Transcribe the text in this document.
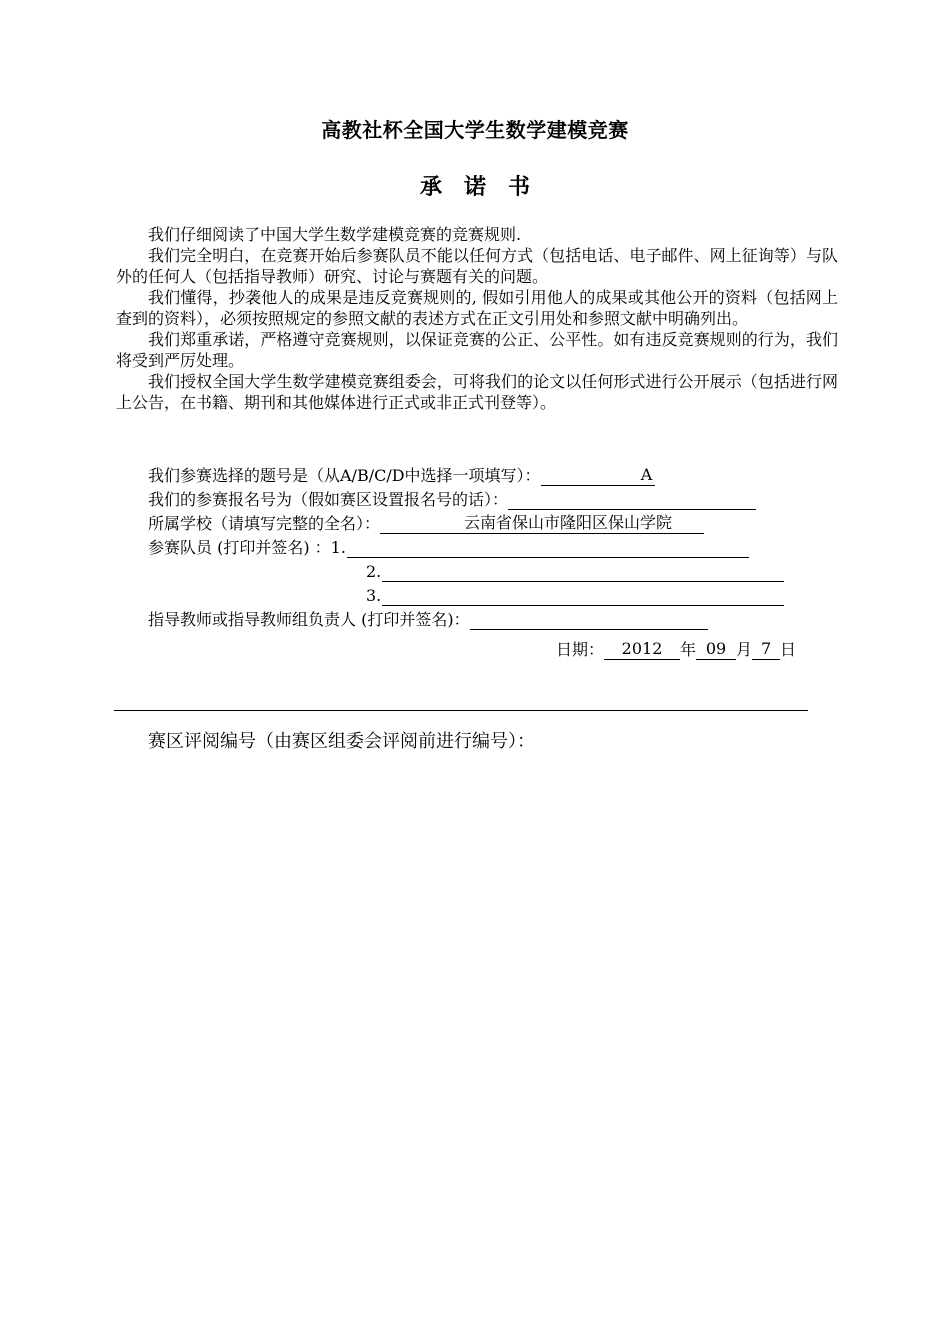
高教社杯全国大学生数学建模竞赛
承诺书

我们仔细阅读了中国大学生数学建模竞赛的竞赛规则.

我们完全明白，在竞赛开始后参赛队员不能以任何方式（包括电话、电子邮件、网上征询等）与队外的任何人（包括指导教师）研究、讨论与赛题有关的问题。

我们懂得，抄袭他人的成果是违反竞赛规则的, 假如引用他人的成果或其他公开的资料（包括网上查到的资料），必须按照规定的参照文献的表述方式在正文引用处和参照文献中明确列出。

我们郑重承诺，严格遵守竞赛规则，以保证竞赛的公正、公平性。如有违反竞赛规则的行为，我们将受到严厉处理。

我们授权全国大学生数学建模竞赛组委会，可将我们的论文以任何形式进行公开展示（包括进行网上公告，在书籍、期刊和其他媒体进行正式或非正式刊登等）。

我们参赛选择的题号是（从A/B/C/D中选择一项填写）：	A
我们的参赛报名号为（假如赛区设置报名号的话）：
所属学校（请填写完整的全名）：	云南省保山市隆阳区保山学院
参赛队员 (打印并签名) ：1.
2.
3.
指导教师或指导教师组负责人 (打印并签名)：
日期： 2012 年 09 月 7 日
赛区评阅编号（由赛区组委会评阅前进行编号）：
